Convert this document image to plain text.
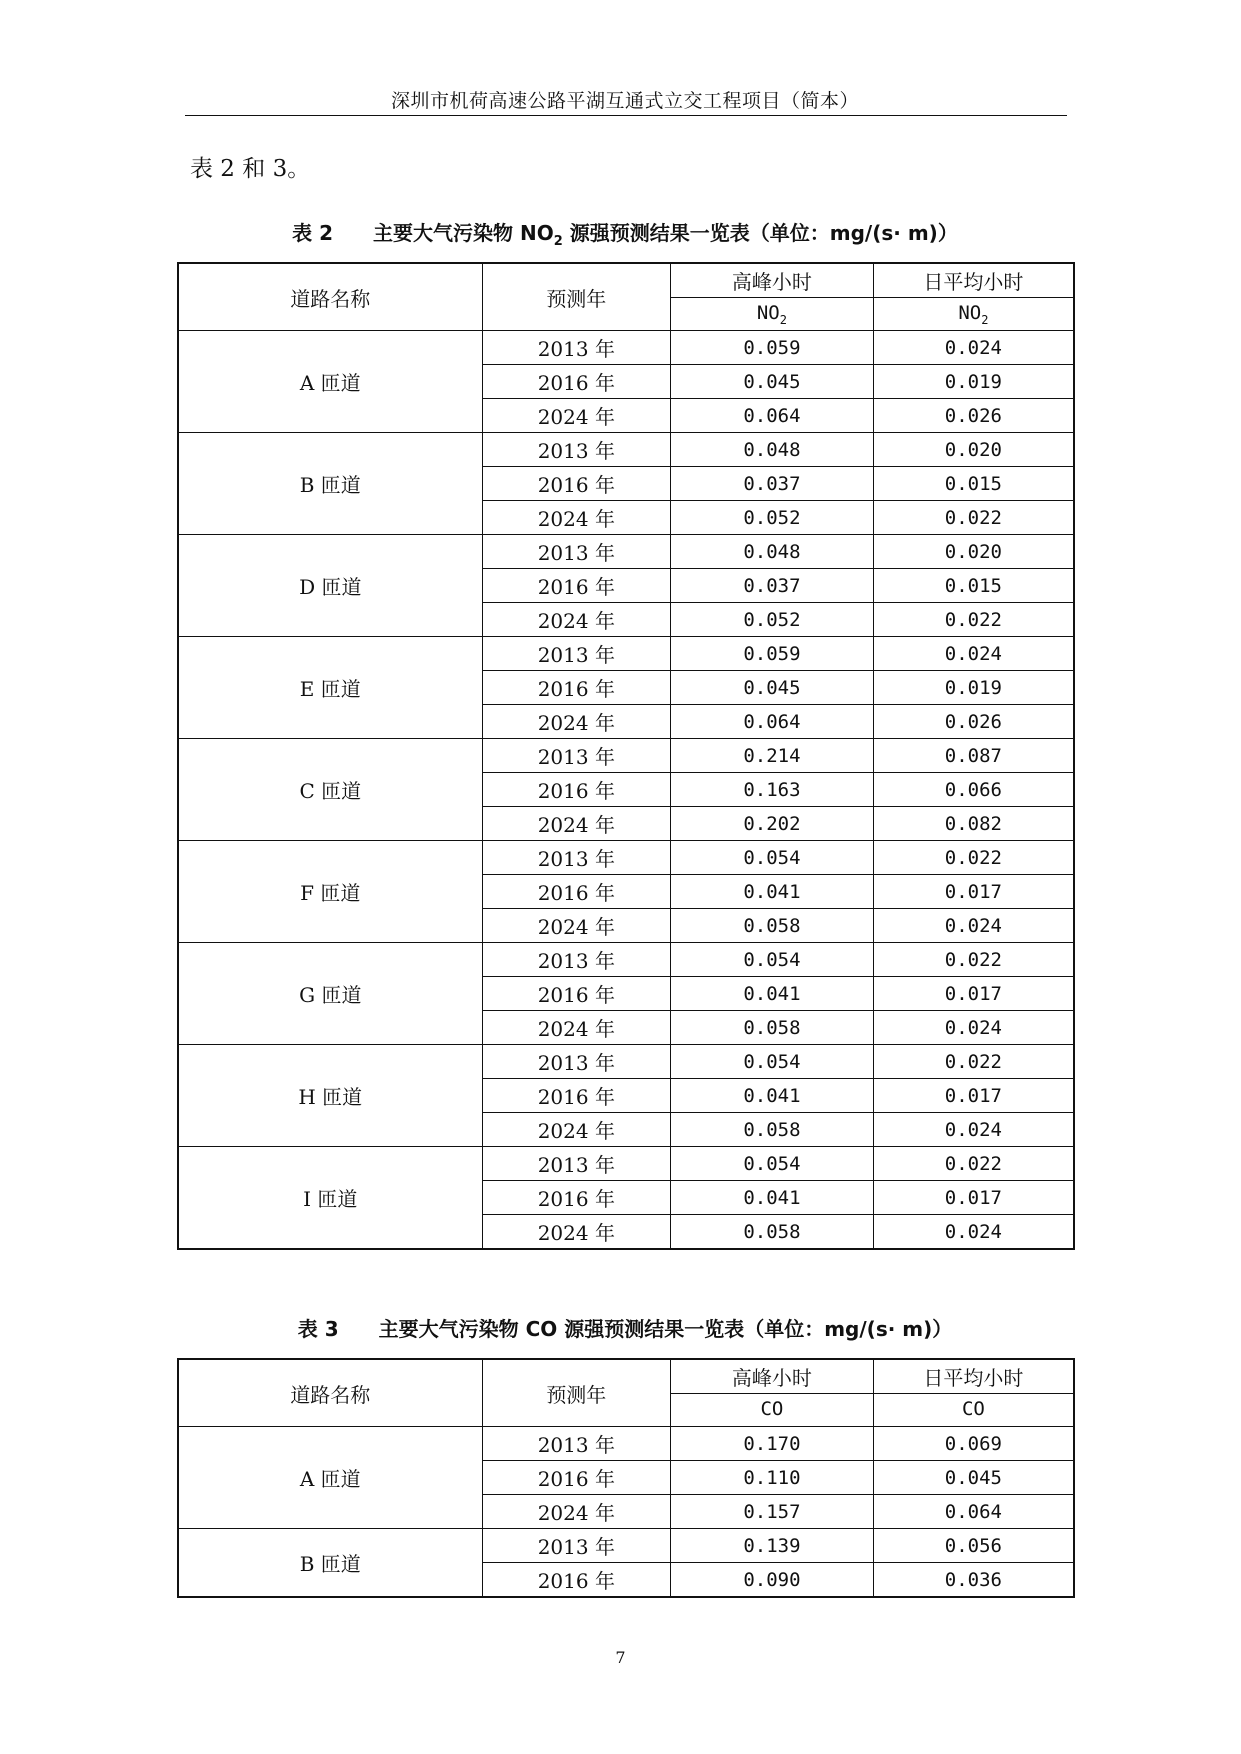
深圳市机荷高速公路平湖互通式立交工程项目（简本）
表 2 和 3。
表 2　　主要大气污染物 $NO_2$ 源强预测结果一览表（单位：mg/(s· m)）
道路名称	预测年	高峰小时	日平均小时
		$NO_2$	$NO_2$
A 匝道	2013 年	0.059	0.024
	2016 年	0.045	0.019
	2024 年	0.064	0.026
B 匝道	2013 年	0.048	0.020
	2016 年	0.037	0.015
	2024 年	0.052	0.022
D 匝道	2013 年	0.048	0.020
	2016 年	0.037	0.015
	2024 年	0.052	0.022
E 匝道	2013 年	0.059	0.024
	2016 年	0.045	0.019
	2024 年	0.064	0.026
C 匝道	2013 年	0.214	0.087
	2016 年	0.163	0.066
	2024 年	0.202	0.082
F 匝道	2013 年	0.054	0.022
	2016 年	0.041	0.017
	2024 年	0.058	0.024
G 匝道	2013 年	0.054	0.022
	2016 年	0.041	0.017
	2024 年	0.058	0.024
H 匝道	2013 年	0.054	0.022
	2016 年	0.041	0.017
	2024 年	0.058	0.024
I 匝道	2013 年	0.054	0.022
	2016 年	0.041	0.017
	2024 年	0.058	0.024
表 3　　主要大气污染物 CO 源强预测结果一览表（单位：mg/(s· m)）
道路名称	预测年	高峰小时	日平均小时
		CO	CO
A 匝道	2013 年	0.170	0.069
	2016 年	0.110	0.045
	2024 年	0.157	0.064
B 匝道	2013 年	0.139	0.056
	2016 年	0.090	0.036
7
